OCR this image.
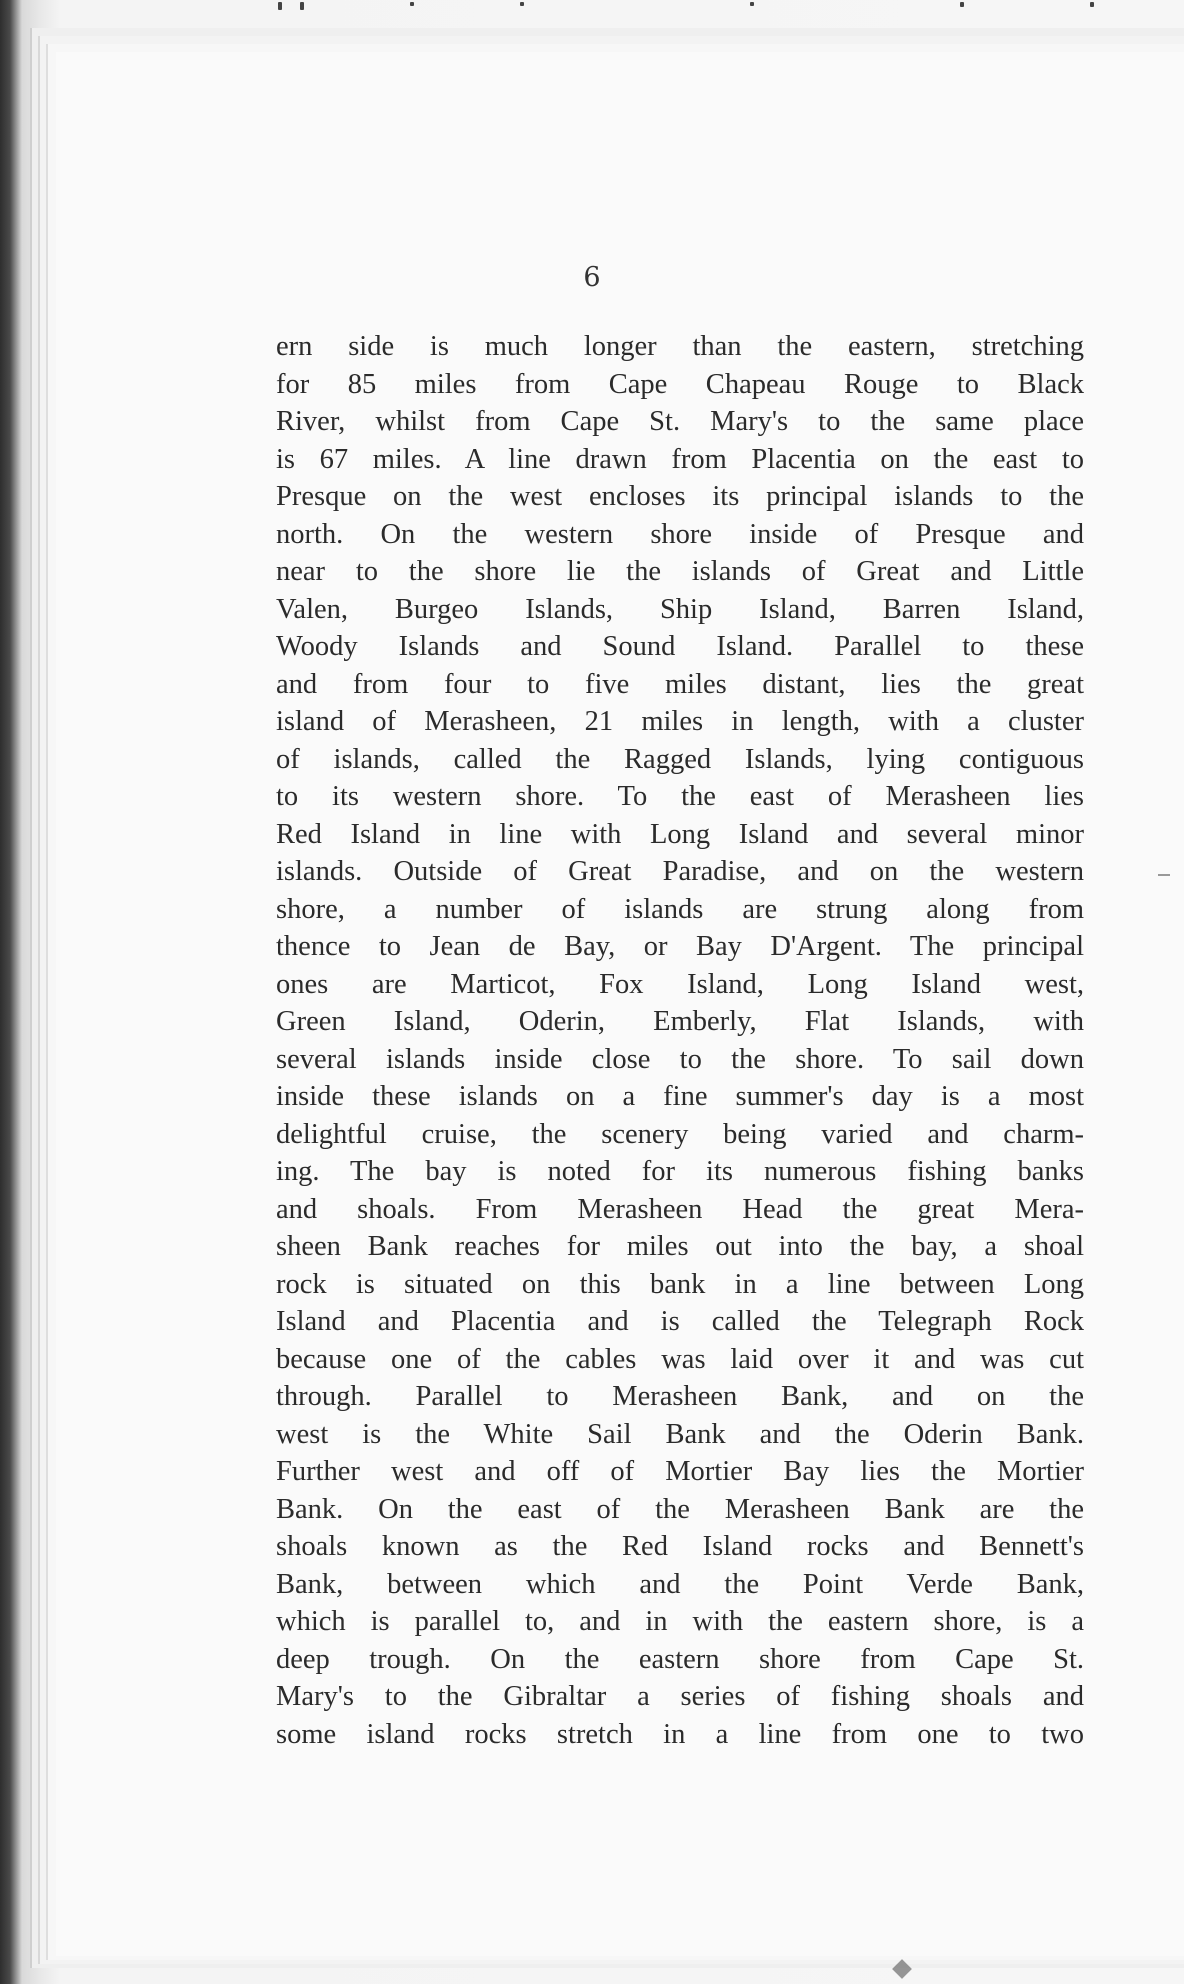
6
ern side is much longer than the eastern, stretching
for 85 miles from Cape Chapeau Rouge to Black
River, whilst from Cape St. Mary's to the same place
is 67 miles. A line drawn from Placentia on the east to
Presque on the west encloses its principal islands to the
north. On the western shore inside of Presque and
near to the shore lie the islands of Great and Little
Valen, Burgeo Islands, Ship Island, Barren Island,
Woody Islands and Sound Island. Parallel to these
and from four to five miles distant, lies the great
island of Merasheen, 21 miles in length, with a cluster
of islands, called the Ragged Islands, lying contiguous
to its western shore. To the east of Merasheen lies
Red Island in line with Long Island and several minor
islands. Outside of Great Paradise, and on the western
shore, a number of islands are strung along from
thence to Jean de Bay, or Bay D'Argent. The principal
ones are Marticot, Fox Island, Long Island west,
Green Island, Oderin, Emberly, Flat Islands, with
several islands inside close to the shore. To sail down
inside these islands on a fine summer's day is a most
delightful cruise, the scenery being varied and charm-
ing. The bay is noted for its numerous fishing banks
and shoals. From Merasheen Head the great Mera-
sheen Bank reaches for miles out into the bay, a shoal
rock is situated on this bank in a line between Long
Island and Placentia and is called the Telegraph Rock
because one of the cables was laid over it and was cut
through. Parallel to Merasheen Bank, and on the
west is the White Sail Bank and the Oderin Bank.
Further west and off of Mortier Bay lies the Mortier
Bank. On the east of the Merasheen Bank are the
shoals known as the Red Island rocks and Bennett's
Bank, between which and the Point Verde Bank,
which is parallel to, and in with the eastern shore, is a
deep trough. On the eastern shore from Cape St.
Mary's to the Gibraltar a series of fishing shoals and
some island rocks stretch in a line from one to two
